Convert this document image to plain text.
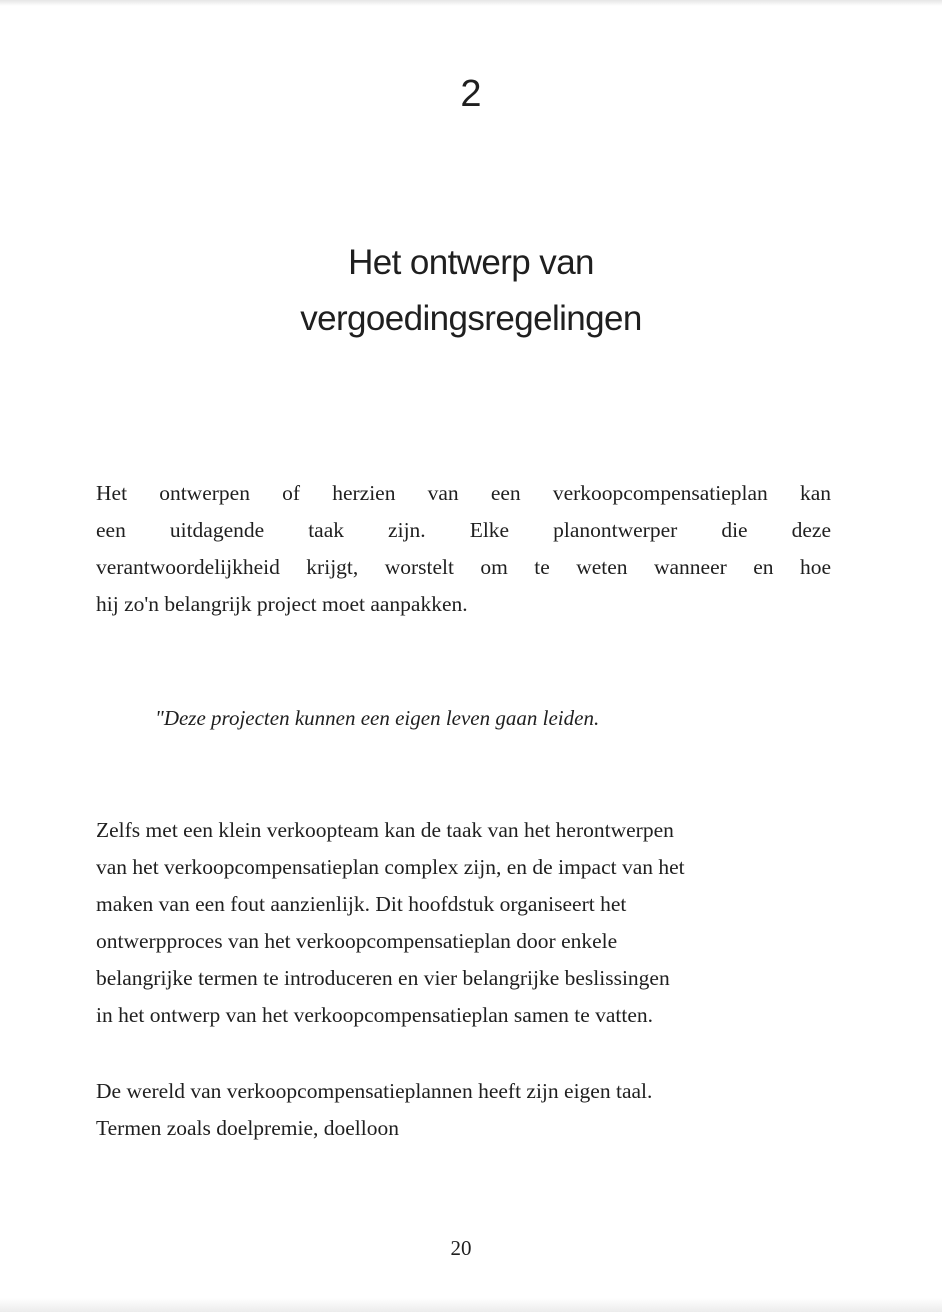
2
Het ontwerp van
vergoedingsregelingen

Het ontwerpen of herzien van een verkoopcompensatieplan kan
een uitdagende taak zijn. Elke planontwerper die deze
verantwoordelijkheid krijgt, worstelt om te weten wanneer en hoe
hij zo'n belangrijk project moet aanpakken.

"Deze projecten kunnen een eigen leven gaan leiden.

Zelfs met een klein verkoopteam kan de taak van het herontwerpen
van het verkoopcompensatieplan complex zijn, en de impact van het
maken van een fout aanzienlijk. Dit hoofdstuk organiseert het
ontwerpproces van het verkoopcompensatieplan door enkele
belangrijke termen te introduceren en vier belangrijke beslissingen
in het ontwerp van het verkoopcompensatieplan samen te vatten.

De wereld van verkoopcompensatieplannen heeft zijn eigen taal.
Termen zoals doelpremie, doelloon

20
